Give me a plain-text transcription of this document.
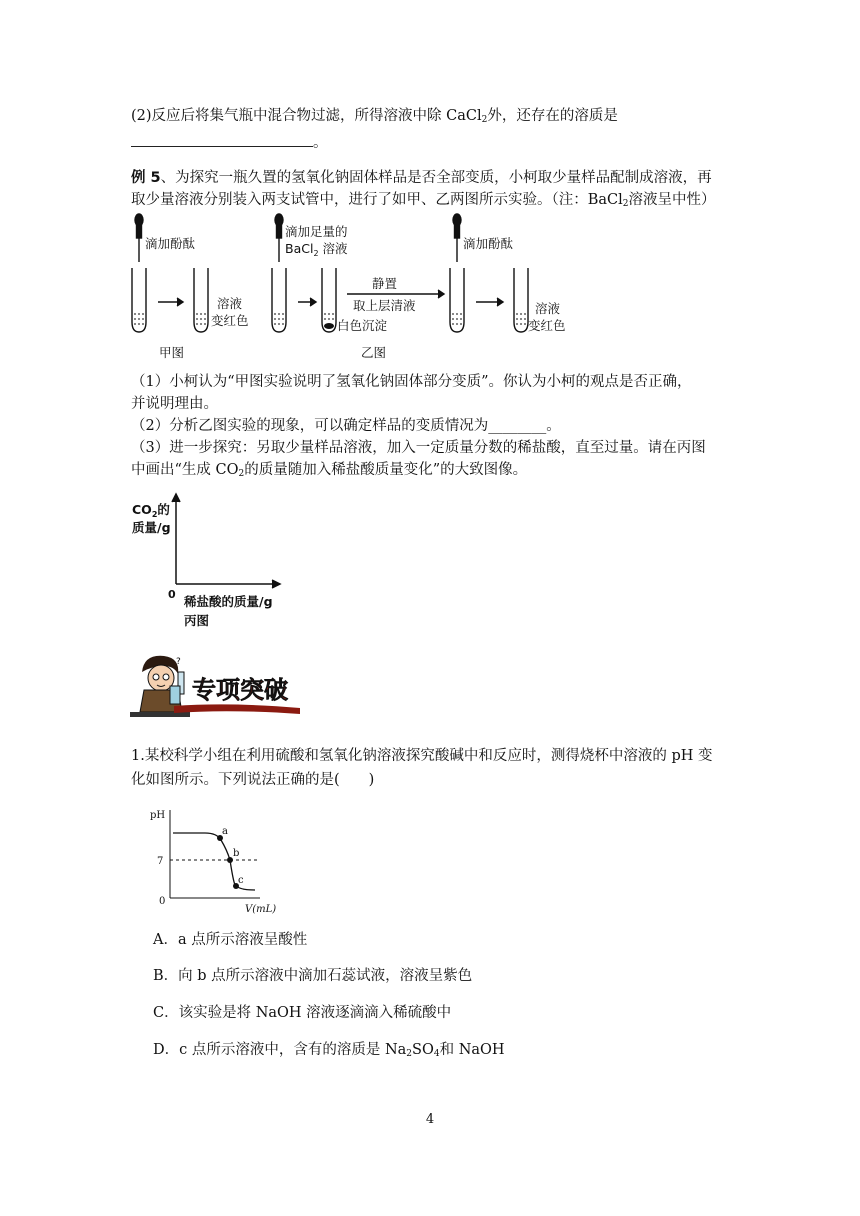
(2)反应后将集气瓶中混合物过滤，所得溶液中除 CaCl$_2$外，还存在的溶质是
。
例 5、为探究一瓶久置的氢氧化钠固体样品是否全部变质，小柯取少量样品配制成溶液，再
取少量溶液分别装入两支试管中，进行了如甲、乙两图所示实验。（注：BaCl$_2$溶液呈中性）
滴加酚酞
溶液
变红色
甲图
滴加足量的
BaCl$_2$ 溶液
白色沉淀
静置
取上层清液
乙图
滴加酚酞
溶液
变红色
（1）小柯认为“甲图实验说明了氢氧化钠固体部分变质”。你认为小柯的观点是否正确，
并说明理由。
（2）分析乙图实验的现象，可以确定样品的变质情况为________。
（3）进一步探究：另取少量样品溶液，加入一定质量分数的稀盐酸，直至过量。请在丙图
中画出“生成 $CO_2$的质量随加入稀盐酸质量变化”的大致图像。
$CO_2$的
质量/g
0 稀盐酸的质量/g
丙图
?
专项突破
1.某校科学小组在利用硫酸和氢氧化钠溶液探究酸碱中和反应时，测得烧杯中溶液的 pH 变
化如图所示。下列说法正确的是(　　)
pH
7
0
V(mL)
a
b
c
A．a 点所示溶液呈酸性
B．向 b 点所示溶液中滴加石蕊试液，溶液呈紫色
C．该实验是将 NaOH 溶液逐滴滴入稀硫酸中
D．c 点所示溶液中，含有的溶质是 $Na_2SO_4$和 NaOH
4
